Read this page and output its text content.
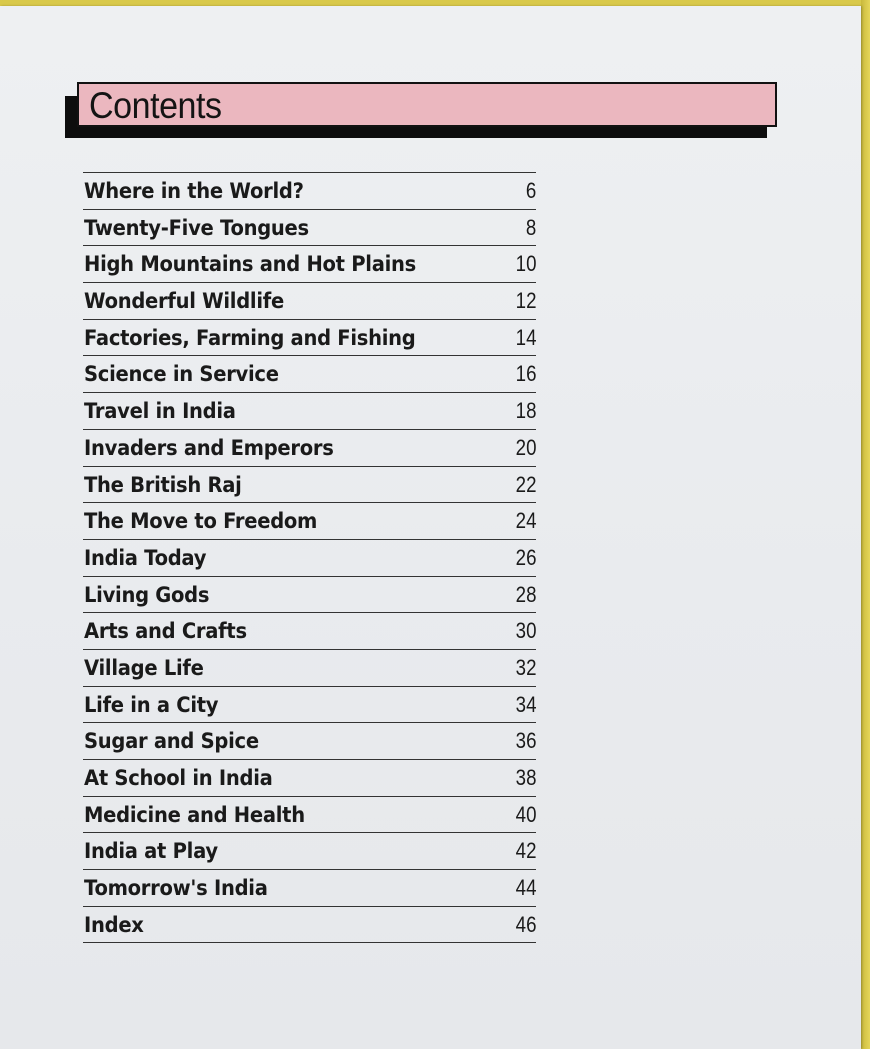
Contents
Where in the World?	6
Twenty-Five Tongues	8
High Mountains and Hot Plains	10
Wonderful Wildlife	12
Factories, Farming and Fishing	14
Science in Service	16
Travel in India	18
Invaders and Emperors	20
The British Raj	22
The Move to Freedom	24
India Today	26
Living Gods	28
Arts and Crafts	30
Village Life	32
Life in a City	34
Sugar and Spice	36
At School in India	38
Medicine and Health	40
India at Play	42
Tomorrow's India	44
Index	46
